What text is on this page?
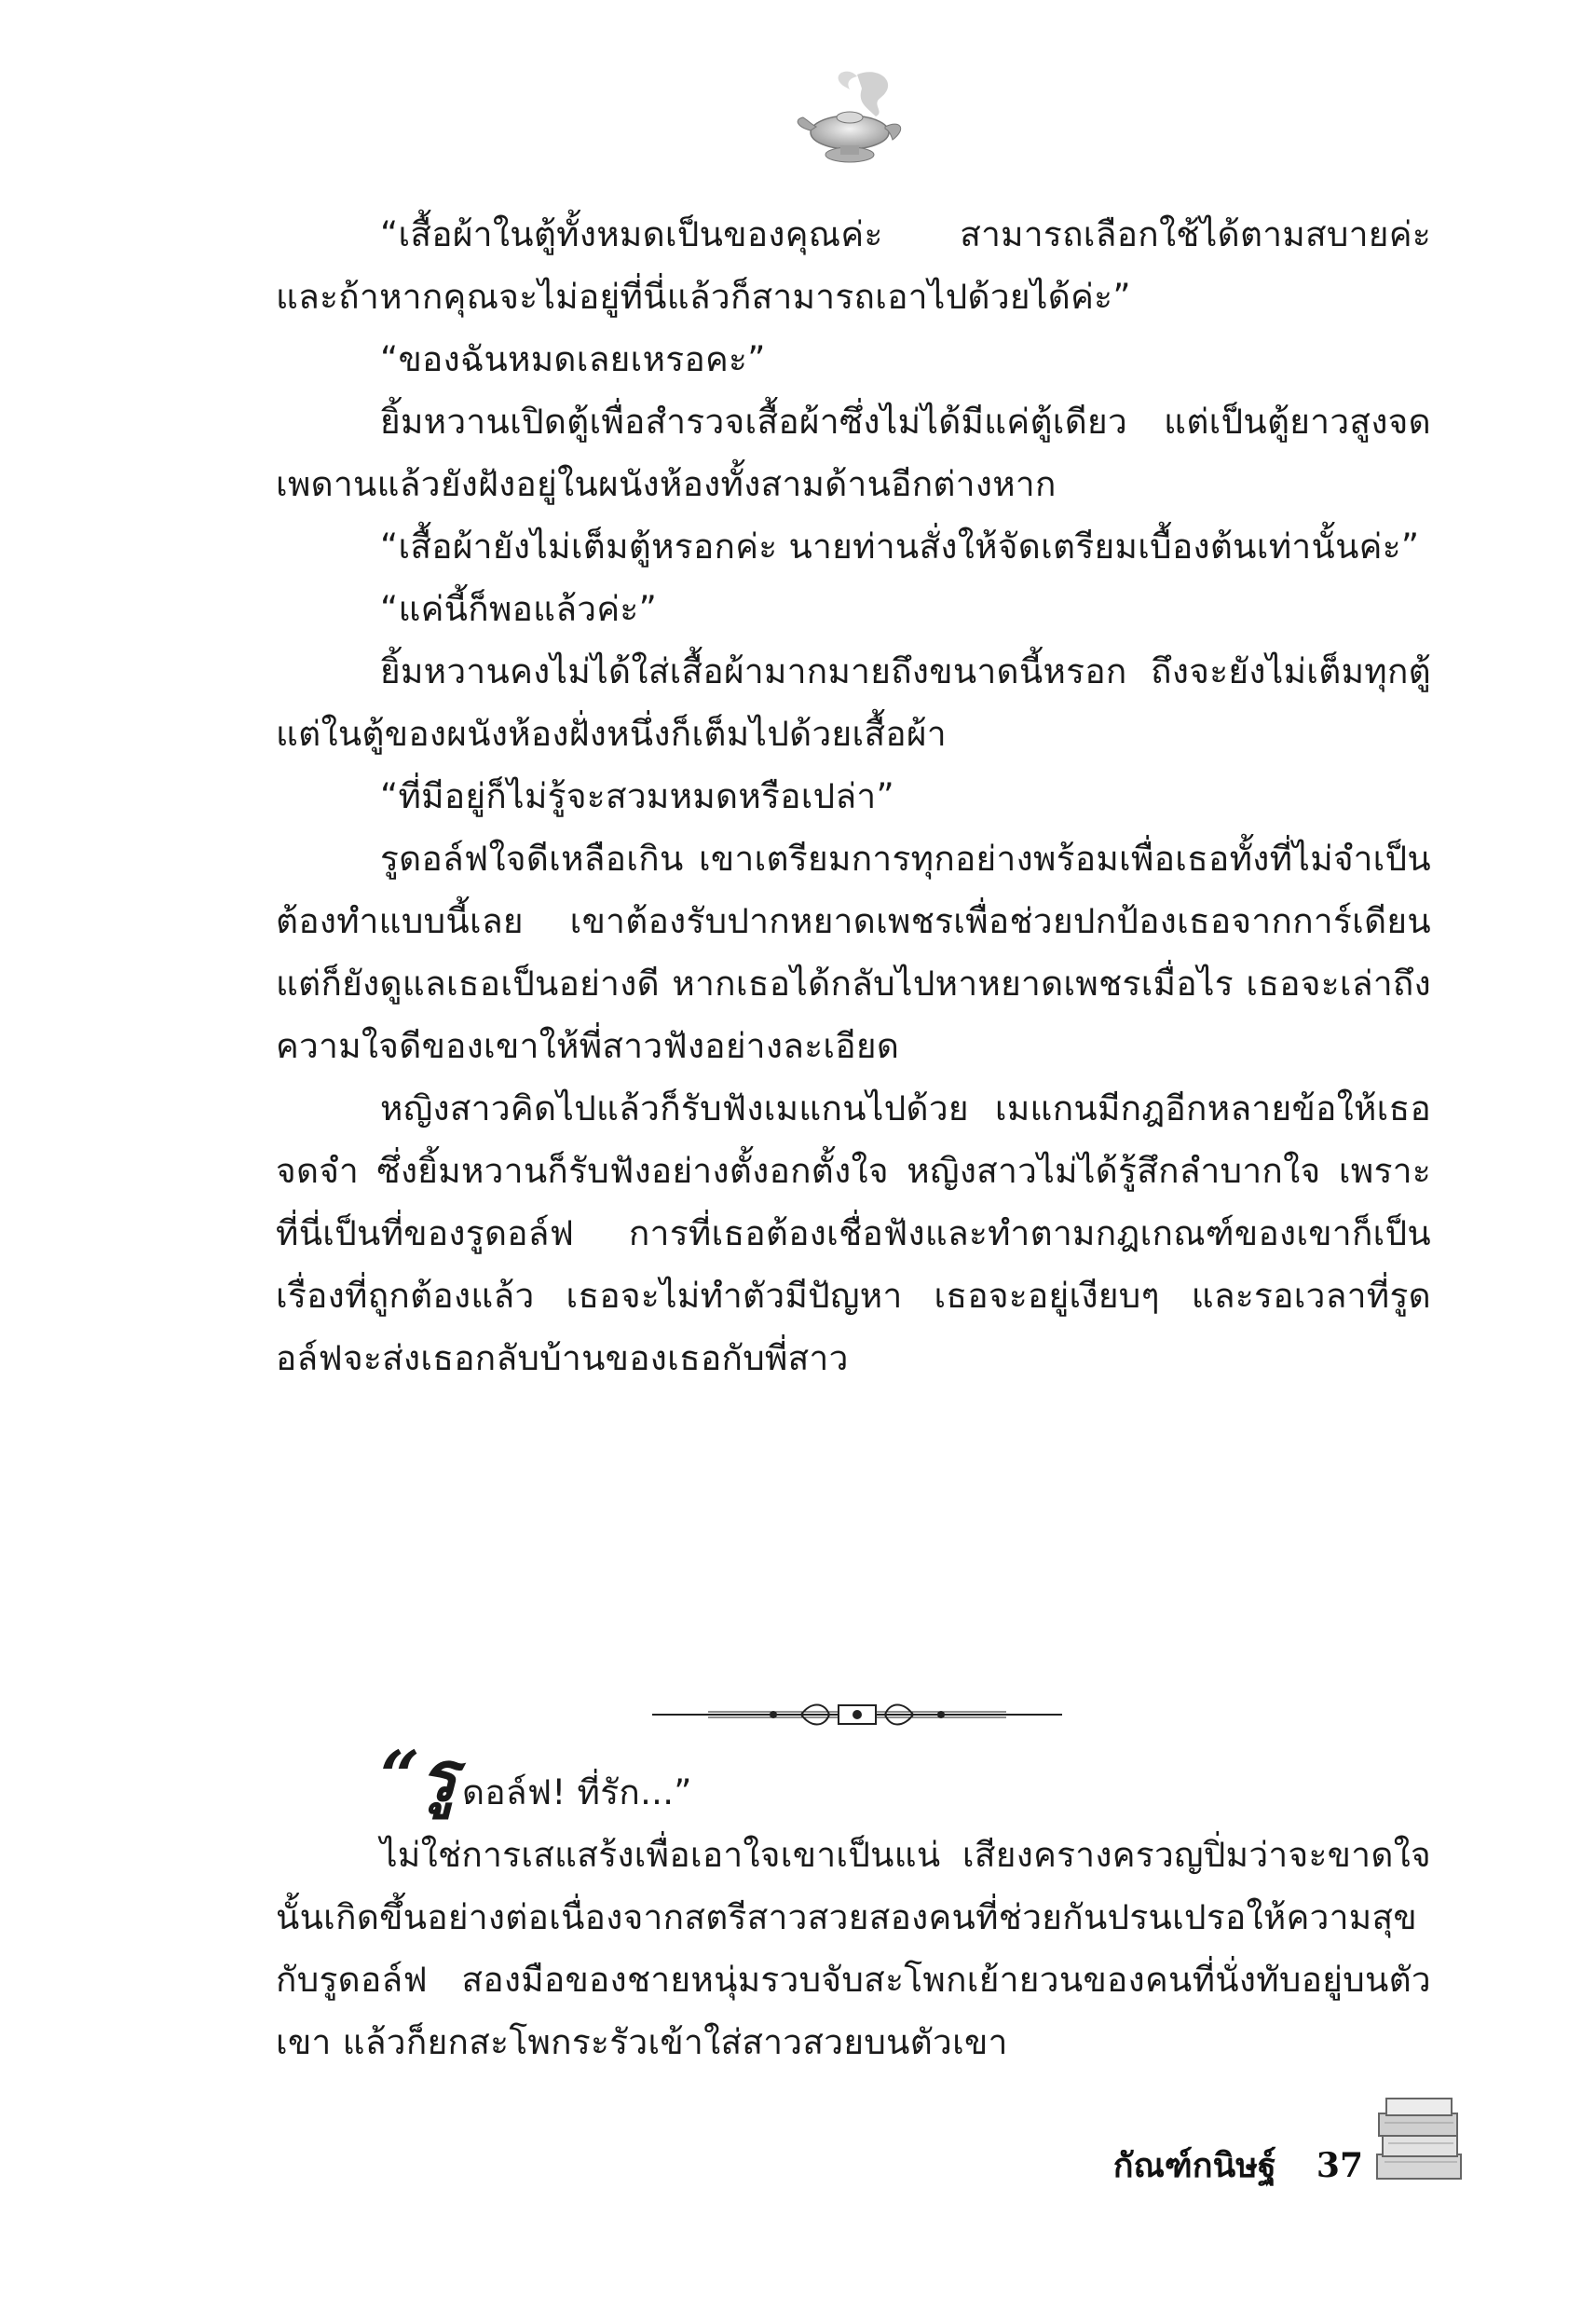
“เสื้อผ้าในตู้ทั้งหมดเป็นของคุณค่ะ สามารถเลือกใช้ได้ตามสบายค่ะ และถ้าหากคุณจะไม่อยู่ที่นี่แล้วก็สามารถเอาไปด้วยได้ค่ะ”

“ของฉันหมดเลยเหรอคะ”

ยิ้มหวานเปิดตู้เพื่อสำรวจเสื้อผ้าซึ่งไม่ได้มีแค่ตู้เดียว แต่เป็นตู้ยาวสูงจดเพดานแล้วยังฝังอยู่ในผนังห้องทั้งสามด้านอีกต่างหาก

“เสื้อผ้ายังไม่เต็มตู้หรอกค่ะ นายท่านสั่งให้จัดเตรียมเบื้องต้นเท่านั้นค่ะ”

“แค่นี้ก็พอแล้วค่ะ”

ยิ้มหวานคงไม่ได้ใส่เสื้อผ้ามากมายถึงขนาดนี้หรอก ถึงจะยังไม่เต็มทุกตู้ แต่ในตู้ของผนังห้องฝั่งหนึ่งก็เต็มไปด้วยเสื้อผ้า

“ที่มีอยู่ก็ไม่รู้จะสวมหมดหรือเปล่า”

รูดอล์ฟใจดีเหลือเกิน เขาเตรียมการทุกอย่างพร้อมเพื่อเธอทั้งที่ไม่จำเป็นต้องทำแบบนี้เลย เขาต้องรับปากหยาดเพชรเพื่อช่วยปกป้องเธอจากการ์เดียน แต่ก็ยังดูแลเธอเป็นอย่างดี หากเธอได้กลับไปหาหยาดเพชรเมื่อไร เธอจะเล่าถึงความใจดีของเขาให้พี่สาวฟังอย่างละเอียด

หญิงสาวคิดไปแล้วก็รับฟังเมแกนไปด้วย เมแกนมีกฎอีกหลายข้อให้เธอจดจำ ซึ่งยิ้มหวานก็รับฟังอย่างตั้งอกตั้งใจ หญิงสาวไม่ได้รู้สึกลำบากใจ เพราะที่นี่เป็นที่ของรูดอล์ฟ การที่เธอต้องเชื่อฟังและทำตามกฎเกณฑ์ของเขาก็เป็นเรื่องที่ถูกต้องแล้ว เธอจะไม่ทำตัวมีปัญหา เธอจะอยู่เงียบๆ และรอเวลาที่รูดอล์ฟจะส่งเธอกลับบ้านของเธอกับพี่สาว

“รู ดอล์ฟ! ที่รัก...”

ไม่ใช่การเสแสร้งเพื่อเอาใจเขาเป็นแน่ เสียงครางครวญปิ่มว่าจะขาดใจนั้นเกิดขึ้นอย่างต่อเนื่องจากสตรีสาวสวยสองคนที่ช่วยกันปรนเปรอให้ความสุขกับรูดอล์ฟ สองมือของชายหนุ่มรวบจับสะโพกเย้ายวนของคนที่นั่งทับอยู่บนตัวเขา แล้วก็ยกสะโพกระรัวเข้าใส่สาวสวยบนตัวเขา

กัณฑ์กนิษฐ์ 37
